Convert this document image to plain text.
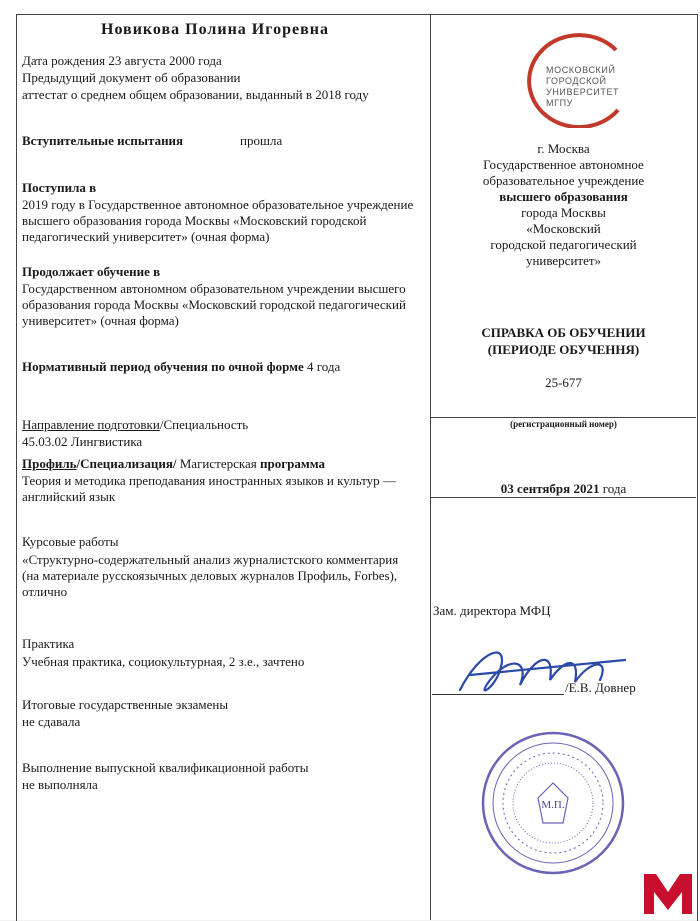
Новикова Полина Игоревна
Дата рождения 23 августа 2000 года
Предыдущий документ об образовании
аттестат о среднем общем образовании, выданный в 2018 году
Вступительные испытания	прошла
Поступила в
2019 году в Государственное автономное образовательное учреждение высшего образования города Москвы «Московский городской педагогический университет» (очная форма)
Продолжает обучение в
Государственном автономном образовательном учреждении высшего образования города Москвы «Московский городской педагогический университет» (очная форма)
Нормативный период обучения по очной форме 4 года
Направление подготовки/Специальность
45.03.02 Лингвистика
Профиль/Специализация/ Магистерская программа
Теория и методика преподавания иностранных языков и культур — английский язык
Курсовые работы
«Структурно-содержательный анализ журналистского комментария (на материале русскоязычных деловых журналов Профиль, Forbes), отлично
Практика
Учебная практика, социокультурная, 2 з.е., зачтено
Итоговые государственные экзамены
не сдавала
Выполнение выпускной квалификационной работы
не выполняла
МОСКОВСКИЙ
ГОРОДСКОЙ
УНИВЕРСИТЕТ
МГПУ
г. Москва
Государственное автономное
образовательное учреждение
высшего образования
города Москвы
«Московский
городской педагогический
университет»
СПРАВКА ОБ ОБУЧЕНИИ
(ПЕРИОДЕ ОБУЧЕННЯ)
25-677
(регистрационный номер)
03 сентября 2021 года
Зам. директора МФЦ
/Е.В. Довнер
М.П.
